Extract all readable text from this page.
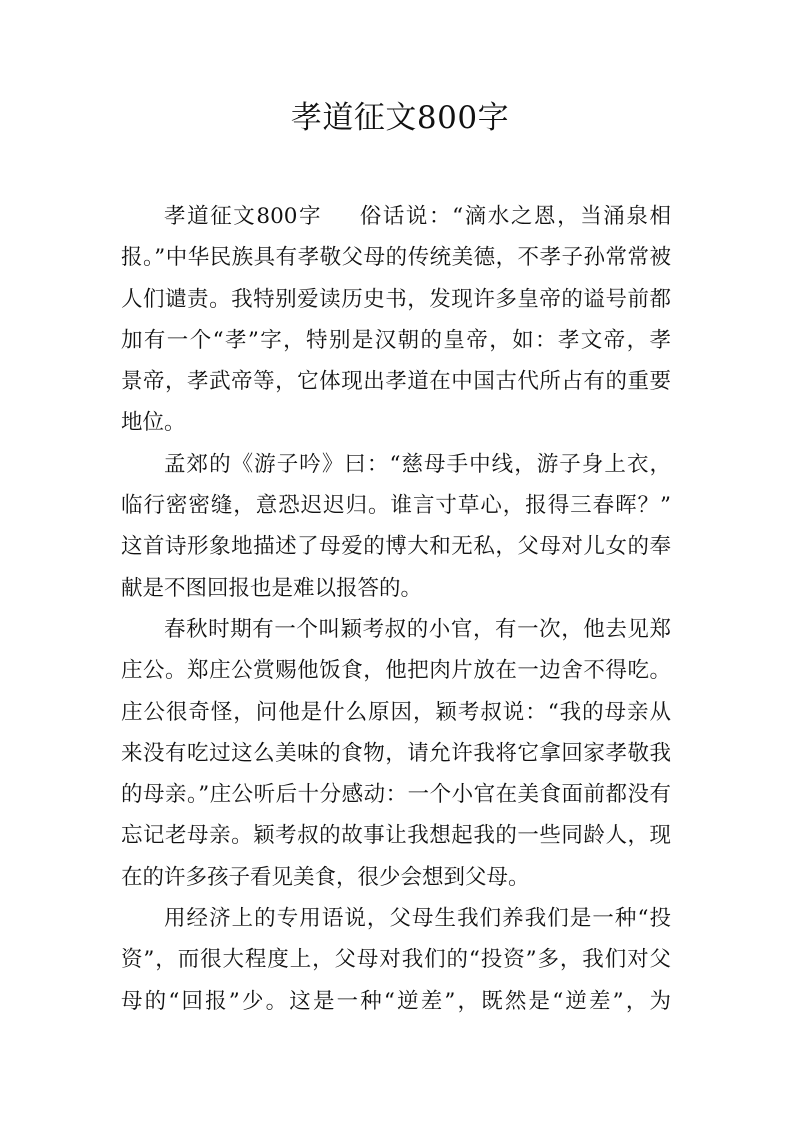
孝道征文800字
孝道征文800字 俗话说：“滴水之恩，当涌泉相
报。”中华民族具有孝敬父母的传统美德，不孝子孙常常被
人们谴责。我特别爱读历史书，发现许多皇帝的谥号前都
加有一个“孝”字，特别是汉朝的皇帝，如：孝文帝，孝
景帝，孝武帝等，它体现出孝道在中国古代所占有的重要
地位。
孟郊的《游子吟》曰：“慈母手中线，游子身上衣，
临行密密缝，意恐迟迟归。谁言寸草心，报得三春晖？”
这首诗形象地描述了母爱的博大和无私，父母对儿女的奉
献是不图回报也是难以报答的。
春秋时期有一个叫颖考叔的小官，有一次，他去见郑
庄公。郑庄公赏赐他饭食，他把肉片放在一边舍不得吃。
庄公很奇怪，问他是什么原因，颖考叔说：“我的母亲从
来没有吃过这么美味的食物，请允许我将它拿回家孝敬我
的母亲。”庄公听后十分感动：一个小官在美食面前都没有
忘记老母亲。颖考叔的故事让我想起我的一些同龄人，现
在的许多孩子看见美食，很少会想到父母。
用经济上的专用语说，父母生我们养我们是一种“投
资”，而很大程度上，父母对我们的“投资”多，我们对父
母的“回报”少。这是一种“逆差”，既然是“逆差”，为
